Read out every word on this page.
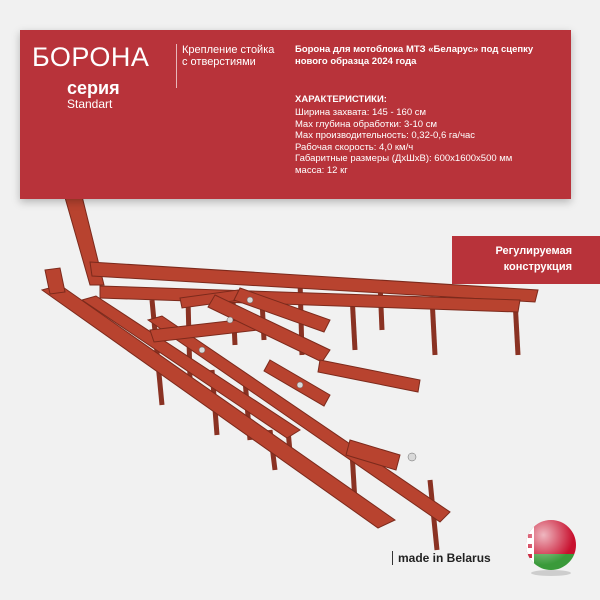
БОРОНА
серия
Standart
Крепление стойка с отверстиями
Борона для мотоблока МТЗ «Беларус» под сцепку нового образца 2024 года
ХАРАКТЕРИСТИКИ:
Ширина захвата: 145 - 160 см
Max глубина обработки: 3-10 см
Max производительность: 0,32-0,6 га/час
Рабочая скорость: 4,0 км/ч
Габаритные размеры (ДхШхВ): 600х1600х500 мм
масса: 12 кг
Регулируемая конструкция
made in Belarus
